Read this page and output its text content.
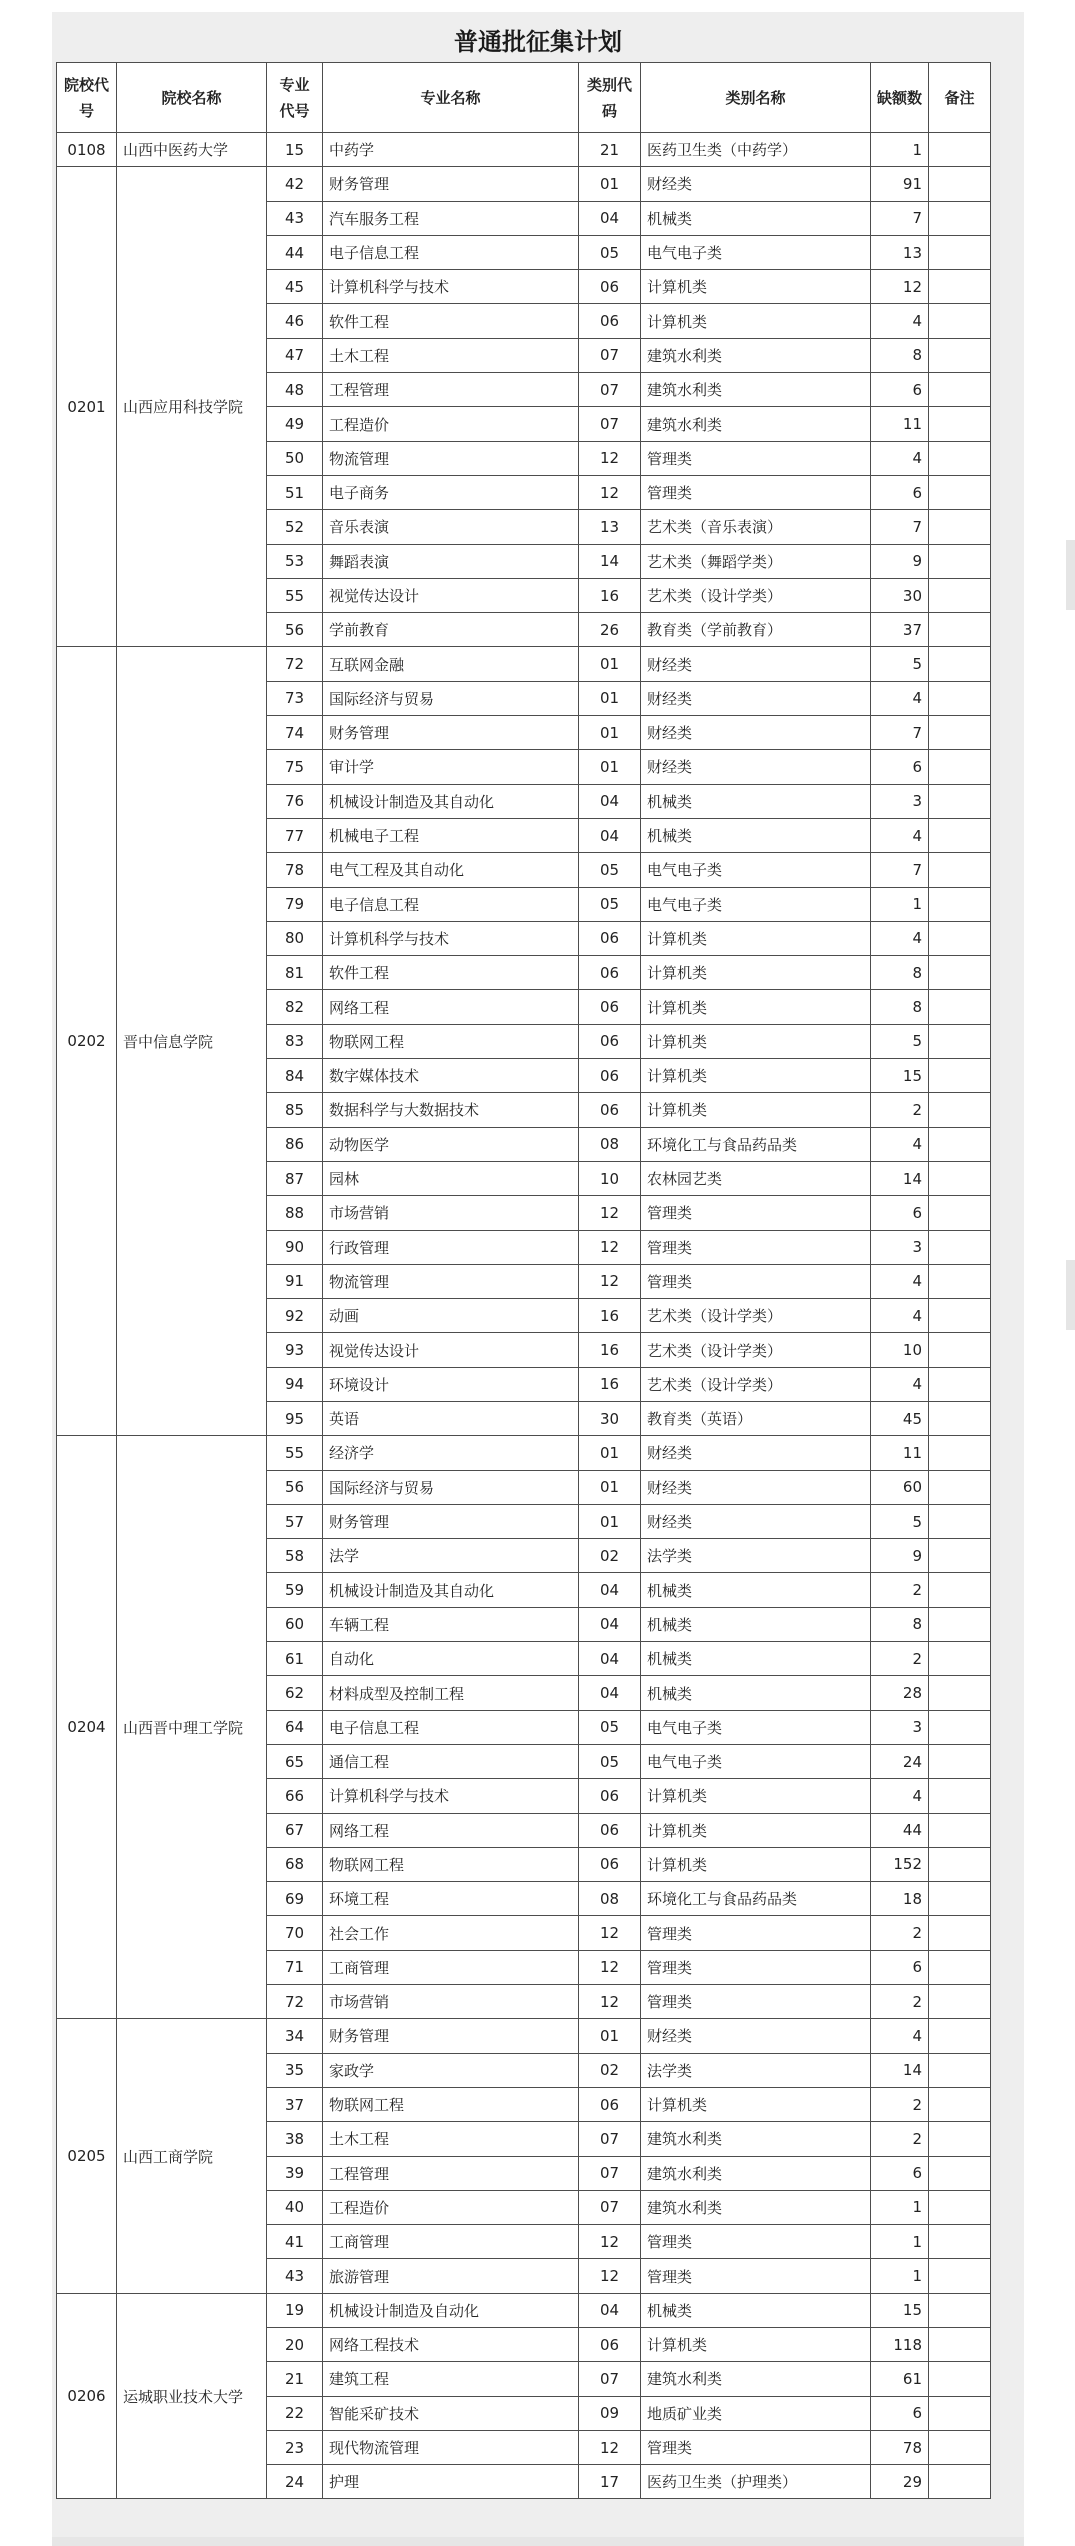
普通批征集计划
院校代号	院校名称	专业代号	专业名称	类别代码	类别名称	缺额数	备注
0108	山西中医药大学	15	中药学	21	医药卫生类（中药学）	1	
0201	山西应用科技学院	42	财务管理	01	财经类	91	
		43	汽车服务工程	04	机械类	7	
		44	电子信息工程	05	电气电子类	13	
		45	计算机科学与技术	06	计算机类	12	
		46	软件工程	06	计算机类	4	
		47	土木工程	07	建筑水利类	8	
		48	工程管理	07	建筑水利类	6	
		49	工程造价	07	建筑水利类	11	
		50	物流管理	12	管理类	4	
		51	电子商务	12	管理类	6	
		52	音乐表演	13	艺术类（音乐表演）	7	
		53	舞蹈表演	14	艺术类（舞蹈学类）	9	
		55	视觉传达设计	16	艺术类（设计学类）	30	
		56	学前教育	26	教育类（学前教育）	37	
0202	晋中信息学院	72	互联网金融	01	财经类	5	
		73	国际经济与贸易	01	财经类	4	
		74	财务管理	01	财经类	7	
		75	审计学	01	财经类	6	
		76	机械设计制造及其自动化	04	机械类	3	
		77	机械电子工程	04	机械类	4	
		78	电气工程及其自动化	05	电气电子类	7	
		79	电子信息工程	05	电气电子类	1	
		80	计算机科学与技术	06	计算机类	4	
		81	软件工程	06	计算机类	8	
		82	网络工程	06	计算机类	8	
		83	物联网工程	06	计算机类	5	
		84	数字媒体技术	06	计算机类	15	
		85	数据科学与大数据技术	06	计算机类	2	
		86	动物医学	08	环境化工与食品药品类	4	
		87	园林	10	农林园艺类	14	
		88	市场营销	12	管理类	6	
		90	行政管理	12	管理类	3	
		91	物流管理	12	管理类	4	
		92	动画	16	艺术类（设计学类）	4	
		93	视觉传达设计	16	艺术类（设计学类）	10	
		94	环境设计	16	艺术类（设计学类）	4	
		95	英语	30	教育类（英语）	45	
0204	山西晋中理工学院	55	经济学	01	财经类	11	
		56	国际经济与贸易	01	财经类	60	
		57	财务管理	01	财经类	5	
		58	法学	02	法学类	9	
		59	机械设计制造及其自动化	04	机械类	2	
		60	车辆工程	04	机械类	8	
		61	自动化	04	机械类	2	
		62	材料成型及控制工程	04	机械类	28	
		64	电子信息工程	05	电气电子类	3	
		65	通信工程	05	电气电子类	24	
		66	计算机科学与技术	06	计算机类	4	
		67	网络工程	06	计算机类	44	
		68	物联网工程	06	计算机类	152	
		69	环境工程	08	环境化工与食品药品类	18	
		70	社会工作	12	管理类	2	
		71	工商管理	12	管理类	6	
		72	市场营销	12	管理类	2	
0205	山西工商学院	34	财务管理	01	财经类	4	
		35	家政学	02	法学类	14	
		37	物联网工程	06	计算机类	2	
		38	土木工程	07	建筑水利类	2	
		39	工程管理	07	建筑水利类	6	
		40	工程造价	07	建筑水利类	1	
		41	工商管理	12	管理类	1	
		43	旅游管理	12	管理类	1	
0206	运城职业技术大学	19	机械设计制造及自动化	04	机械类	15	
		20	网络工程技术	06	计算机类	118	
		21	建筑工程	07	建筑水利类	61	
		22	智能采矿技术	09	地质矿业类	6	
		23	现代物流管理	12	管理类	78	
		24	护理	17	医药卫生类（护理类）	29	
